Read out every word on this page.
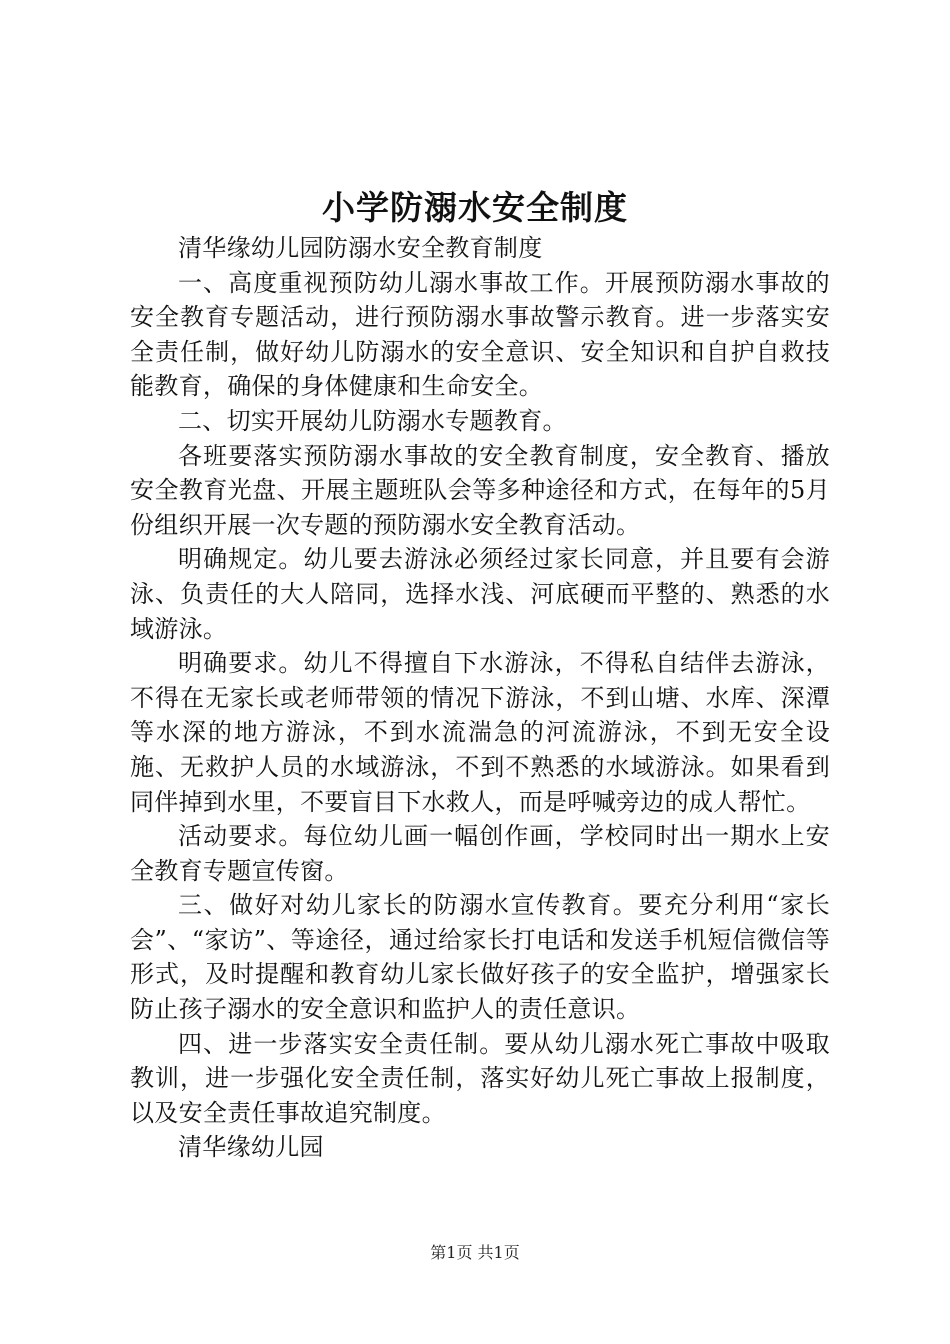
小学防溺水安全制度

清华缘幼儿园防溺水安全教育制度

一、高度重视预防幼儿溺水事故工作。开展预防溺水事故的安全教育专题活动，进行预防溺水事故警示教育。进一步落实安全责任制，做好幼儿防溺水的安全意识、安全知识和自护自救技能教育，确保的身体健康和生命安全。

二、切实开展幼儿防溺水专题教育。

各班要落实预防溺水事故的安全教育制度，安全教育、播放安全教育光盘、开展主题班队会等多种途径和方式，在每年的5月份组织开展一次专题的预防溺水安全教育活动。

明确规定。幼儿要去游泳必须经过家长同意，并且要有会游泳、负责任的大人陪同，选择水浅、河底硬而平整的、熟悉的水域游泳。

明确要求。幼儿不得擅自下水游泳，不得私自结伴去游泳，不得在无家长或老师带领的情况下游泳，不到山塘、水库、深潭等水深的地方游泳，不到水流湍急的河流游泳，不到无安全设施、无救护人员的水域游泳，不到不熟悉的水域游泳。如果看到同伴掉到水里，不要盲目下水救人，而是呼喊旁边的成人帮忙。

活动要求。每位幼儿画一幅创作画，学校同时出一期水上安全教育专题宣传窗。

三、做好对幼儿家长的防溺水宣传教育。要充分利用“家长会”、“家访”、等途径，通过给家长打电话和发送手机短信微信等形式，及时提醒和教育幼儿家长做好孩子的安全监护，增强家长防止孩子溺水的安全意识和监护人的责任意识。

四、进一步落实安全责任制。要从幼儿溺水死亡事故中吸取教训，进一步强化安全责任制，落实好幼儿死亡事故上报制度，以及安全责任事故追究制度。

清华缘幼儿园

第1页 共1页
